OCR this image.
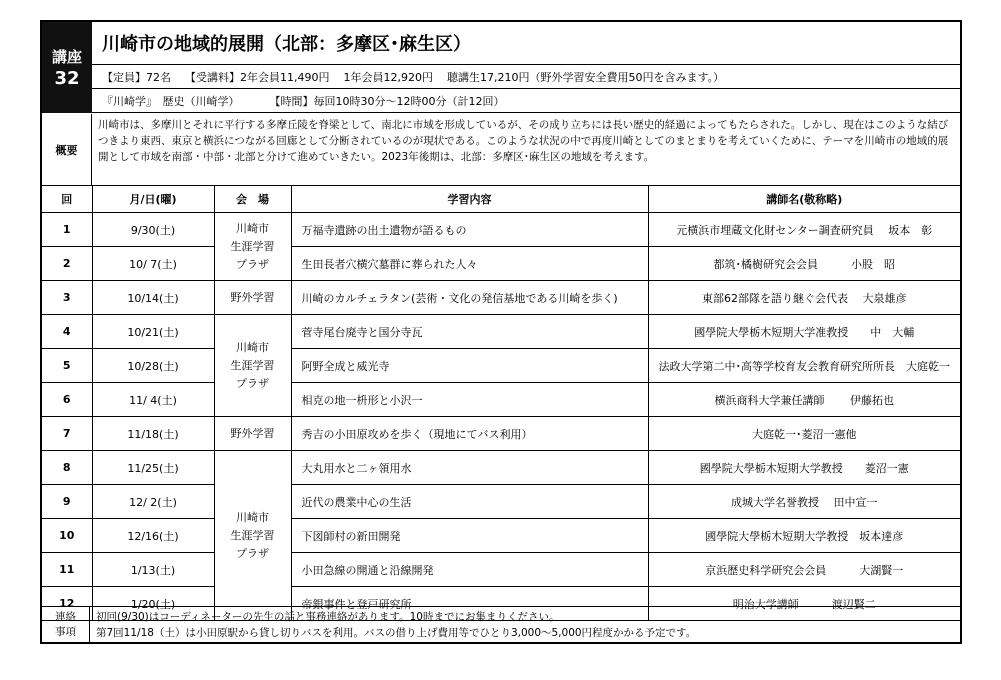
講座
32
川崎市の地域的展開（北部：多摩区･麻生区）
【定員】72名 【受講料】 2年会員11,490円 1年会員12,920円 聴講生17,210円（野外学習安全費用50円を含みます。）
『川崎学』　歴史（川崎学）	【時間】毎回10時30分～12時00分（計12回）
概要
川崎市は、多摩川とそれに平行する多摩丘陵を脊梁として、南北に市域を形成しているが、その成り立ちには長い歴史的経過によってもたらされた。しかし、現在はこのような結びつきより東西、東京と横浜につながる回廊として分断されているのが現状である。このような状況の中で再度川崎としてのまとまりを考えていくために、テーマを川崎市の地域的展開として市域を南部・中部・北部と分けて進めていきたい。2023年後期は、北部：多摩区･麻生区の地域を考えます。
回	月/日(曜)	会　場	学習内容	講師名(敬称略)
1	9/30(土)	川崎市
生涯学習
プラザ	万福寺遺跡の出土遺物が語るもの	元横浜市埋蔵文化財センター調査研究員　 坂本　彰
2	10/ 7(土)		生田長者穴横穴墓群に葬られた人々	都筑･橘樹研究会会員　　　小股　昭
3	10/14(土)	野外学習	川崎のカルチェラタン(芸術・文化の発信基地である川崎を歩く)	東部62部隊を語り継ぐ会代表　 大泉雄彦
4	10/21(土)	川崎市
生涯学習
プラザ	菅寺尾台廃寺と国分寺瓦	國學院大學栃木短期大学准教授　　中　大輔
5	10/28(土)		阿野全成と威光寺	法政大学第二中･高等学校育友会教育研究所所長　大庭乾一
6	11/ 4(土)		相克の地一枡形と小沢一	横浜商科大学兼任講師　　 伊藤拓也
7	11/18(土)	野外学習	秀吉の小田原攻めを歩く（現地にてバス利用）	大庭乾一･菱沼一憲他
8	11/25(土)	川崎市
生涯学習
プラザ	大丸用水と二ヶ領用水	國學院大學栃木短期大学教授　　菱沼一憲
9	12/ 2(土)		近代の農業中心の生活	成城大学名誉教授　 田中宣一
10	12/16(土)		下図師村の新田開発	國學院大學栃木短期大学教授　坂本達彦
11	1/13(土)		小田急線の開通と沿線開発	京浜歴史科学研究会会員　　　大湖賢一
12	1/20(土)		帝銀事件と登戸研究所	明治大学講師　　　渡辺賢二
連絡
事項
初回(9/30)はコーディネーターの先生の話と事務連絡があります。10時までにお集まりください。
第7回11/18（土）は小田原駅から貸し切りバスを利用。バスの借り上げ費用等でひとり3,000～5,000円程度かかる予定です。
